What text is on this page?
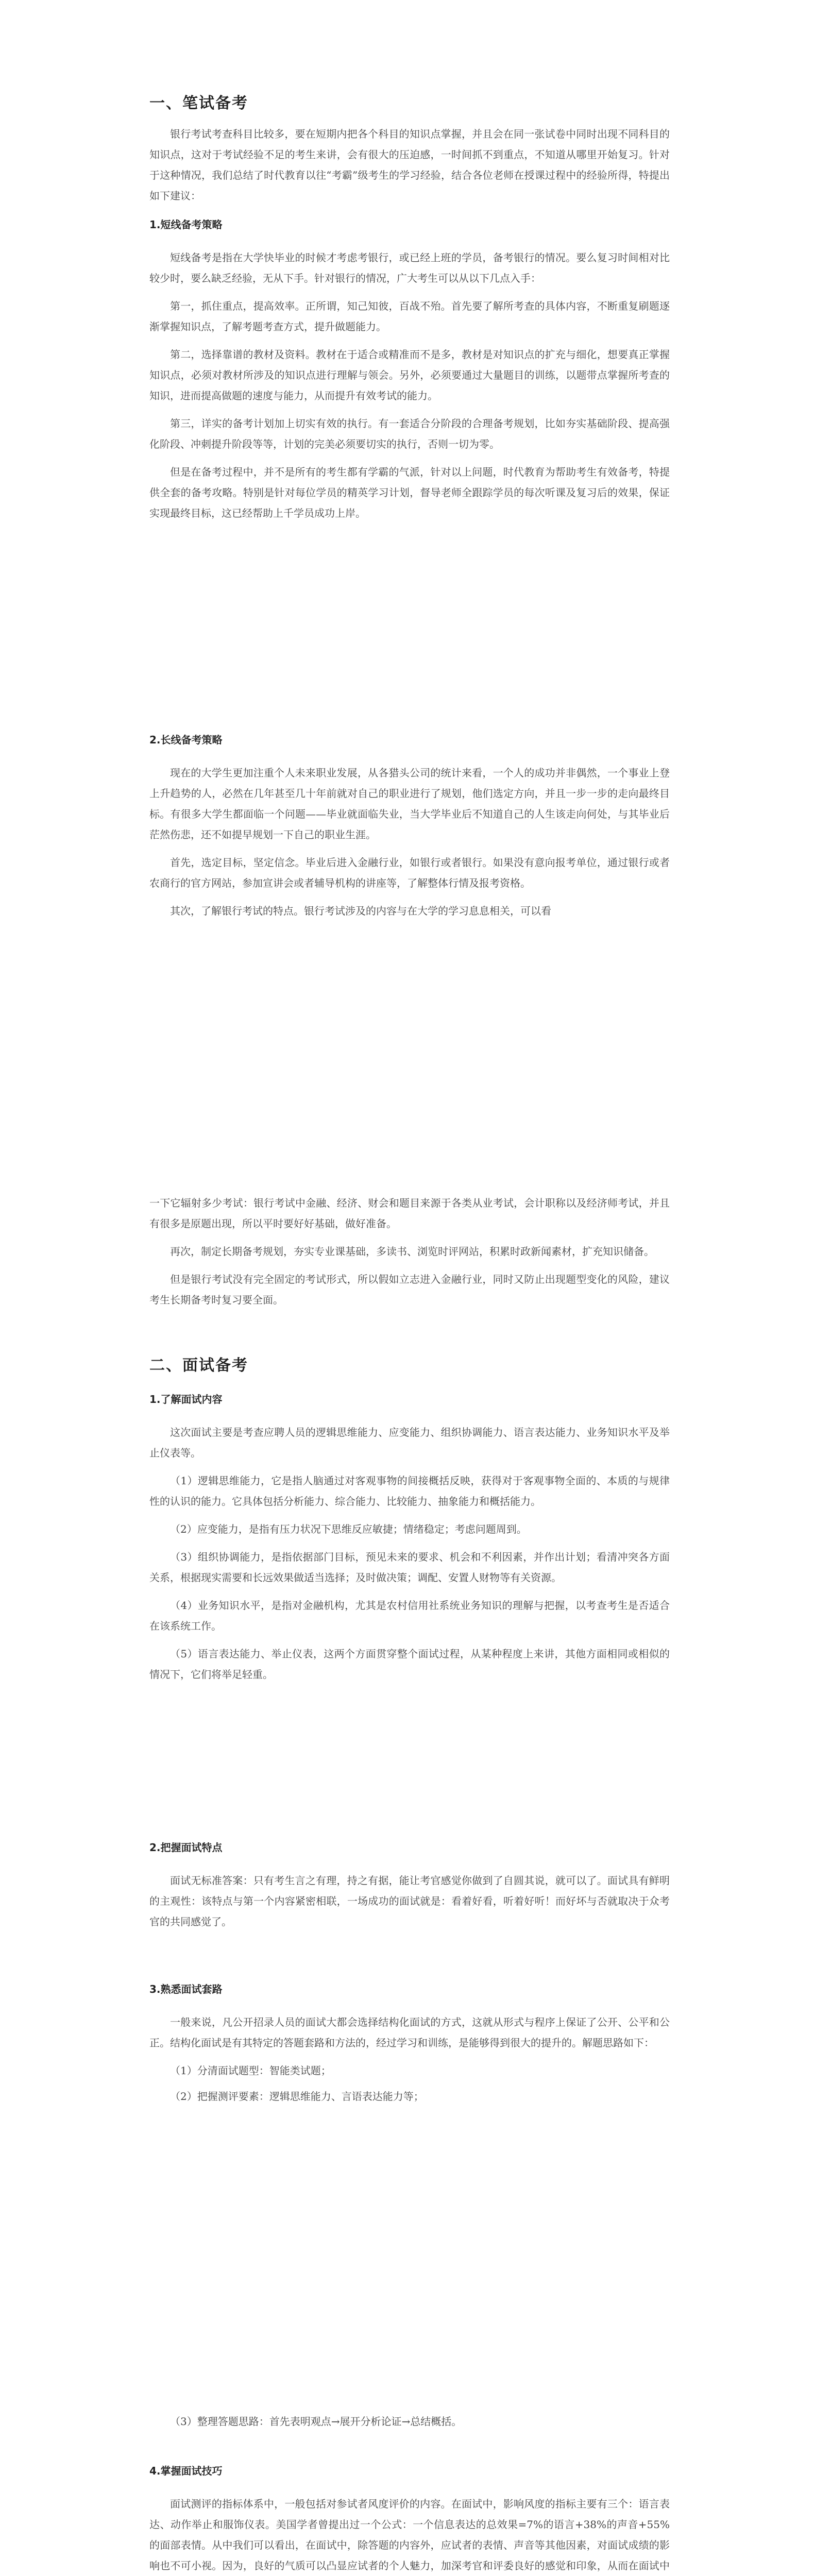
一、笔试备考

银行考试考查科目比较多，要在短期内把各个科目的知识点掌握，并且会在同一张试卷中同时出现不同科目的知识点，这对于考试经验不足的考生来讲，会有很大的压迫感，一时间抓不到重点，不知道从哪里开始复习。针对于这种情况，我们总结了时代教育以往“考霸”级考生的学习经验，结合各位老师在授课过程中的经验所得，特提出如下建议：

1.短线备考策略

短线备考是指在大学快毕业的时候才考虑考银行，或已经上班的学员，备考银行的情况。要么复习时间相对比较少时，要么缺乏经验，无从下手。针对银行的情况，广大考生可以从以下几点入手：

第一，抓住重点，提高效率。正所谓，知己知彼，百战不殆。首先要了解所考查的具体内容，不断重复刷题逐渐掌握知识点，了解考题考查方式，提升做题能力。

第二，选择靠谱的教材及资料。教材在于适合或精准而不是多，教材是对知识点的扩充与细化，想要真正掌握知识点，必须对教材所涉及的知识点进行理解与领会。另外，必须要通过大量题目的训练，以题带点掌握所考查的知识，进而提高做题的速度与能力，从而提升有效考试的能力。

第三，详实的备考计划加上切实有效的执行。有一套适合分阶段的合理备考规划，比如夯实基础阶段、提高强化阶段、冲刺提升阶段等等，计划的完美必须要切实的执行，否则一切为零。

但是在备考过程中，并不是所有的考生都有学霸的气派，针对以上问题，时代教育为帮助考生有效备考，特提供全套的备考攻略。特别是针对每位学员的精英学习计划，督导老师全跟踪学员的每次听课及复习后的效果，保证实现最终目标，这已经帮助上千学员成功上岸。

2.长线备考策略

现在的大学生更加注重个人未来职业发展，从各猎头公司的统计来看，一个人的成功并非偶然，一个事业上登上升趋势的人，必然在几年甚至几十年前就对自己的职业进行了规划，他们选定方向，并且一步一步的走向最终目标。有很多大学生都面临一个问题——毕业就面临失业，当大学毕业后不知道自己的人生该走向何处，与其毕业后茫然伤悲，还不如提早规划一下自己的职业生涯。

首先，选定目标，坚定信念。毕业后进入金融行业，如银行或者银行。如果没有意向报考单位，通过银行或者农商行的官方网站，参加宣讲会或者辅导机构的讲座等，了解整体行情及报考资格。

其次，了解银行考试的特点。银行考试涉及的内容与在大学的学习息息相关，可以看

一下它辐射多少考试：银行考试中金融、经济、财会和题目来源于各类从业考试，会计职称以及经济师考试，并且有很多是原题出现，所以平时要好好基础，做好准备。

再次，制定长期备考规划，夯实专业课基础，多读书、浏览时评网站，积累时政新闻素材，扩充知识储备。

但是银行考试没有完全固定的考试形式，所以假如立志进入金融行业，同时又防止出现题型变化的风险，建议考生长期备考时复习要全面。

二、面试备考
1.了解面试内容

这次面试主要是考查应聘人员的逻辑思维能力、应变能力、组织协调能力、语言表达能力、业务知识水平及举止仪表等。

（1）逻辑思维能力，它是指人脑通过对客观事物的间接概括反映，获得对于客观事物全面的、本质的与规律性的认识的能力。它具体包括分析能力、综合能力、比较能力、抽象能力和概括能力。

（2）应变能力，是指有压力状况下思维反应敏捷；情绪稳定；考虑问题周到。

（3）组织协调能力，是指依据部门目标，预见未来的要求、机会和不利因素，并作出计划；看清冲突各方面关系，根据现实需要和长远效果做适当选择；及时做决策；调配、安置人财物等有关资源。

（4）业务知识水平，是指对金融机构，尤其是农村信用社系统业务知识的理解与把握，以考查考生是否适合在该系统工作。

（5）语言表达能力、举止仪表，这两个方面贯穿整个面试过程，从某种程度上来讲，其他方面相同或相似的情况下，它们将举足轻重。

2.把握面试特点

面试无标准答案：只有考生言之有理，持之有据，能让考官感觉你做到了自圆其说，就可以了。面试具有鲜明的主观性：该特点与第一个内容紧密相联，一场成功的面试就是：看着好看，听着好听！而好坏与否就取决于众考官的共同感觉了。

3.熟悉面试套路

一般来说，凡公开招录人员的面试大都会选择结构化面试的方式，这就从形式与程序上保证了公开、公平和公正。结构化面试是有其特定的答题套路和方法的，经过学习和训练，是能够得到很大的提升的。解题思路如下：

（1）分清面试题型：智能类试题；

（2）把握测评要素：逻辑思维能力、言语表达能力等；

（3）整理答题思路：首先表明观点→展开分析论证→总结概括。

4.掌握面试技巧

面试测评的指标体系中，一般包括对参试者风度评价的内容。在面试中，影响风度的指标主要有三个：语言表达、动作举止和服饰仪表。美国学者曾提出过一个公式：一个信息表达的总效果=7%的语言+38%的声音+55%的面部表情。从中我们可以看出，在面试中，除答题的内容外，应试者的表情、声音等其他因素，对面试成绩的影响也不可小视。因为，良好的气质可以凸显应试者的个人魅力，加深考官和评委良好的感觉和印象，从而在面试中
